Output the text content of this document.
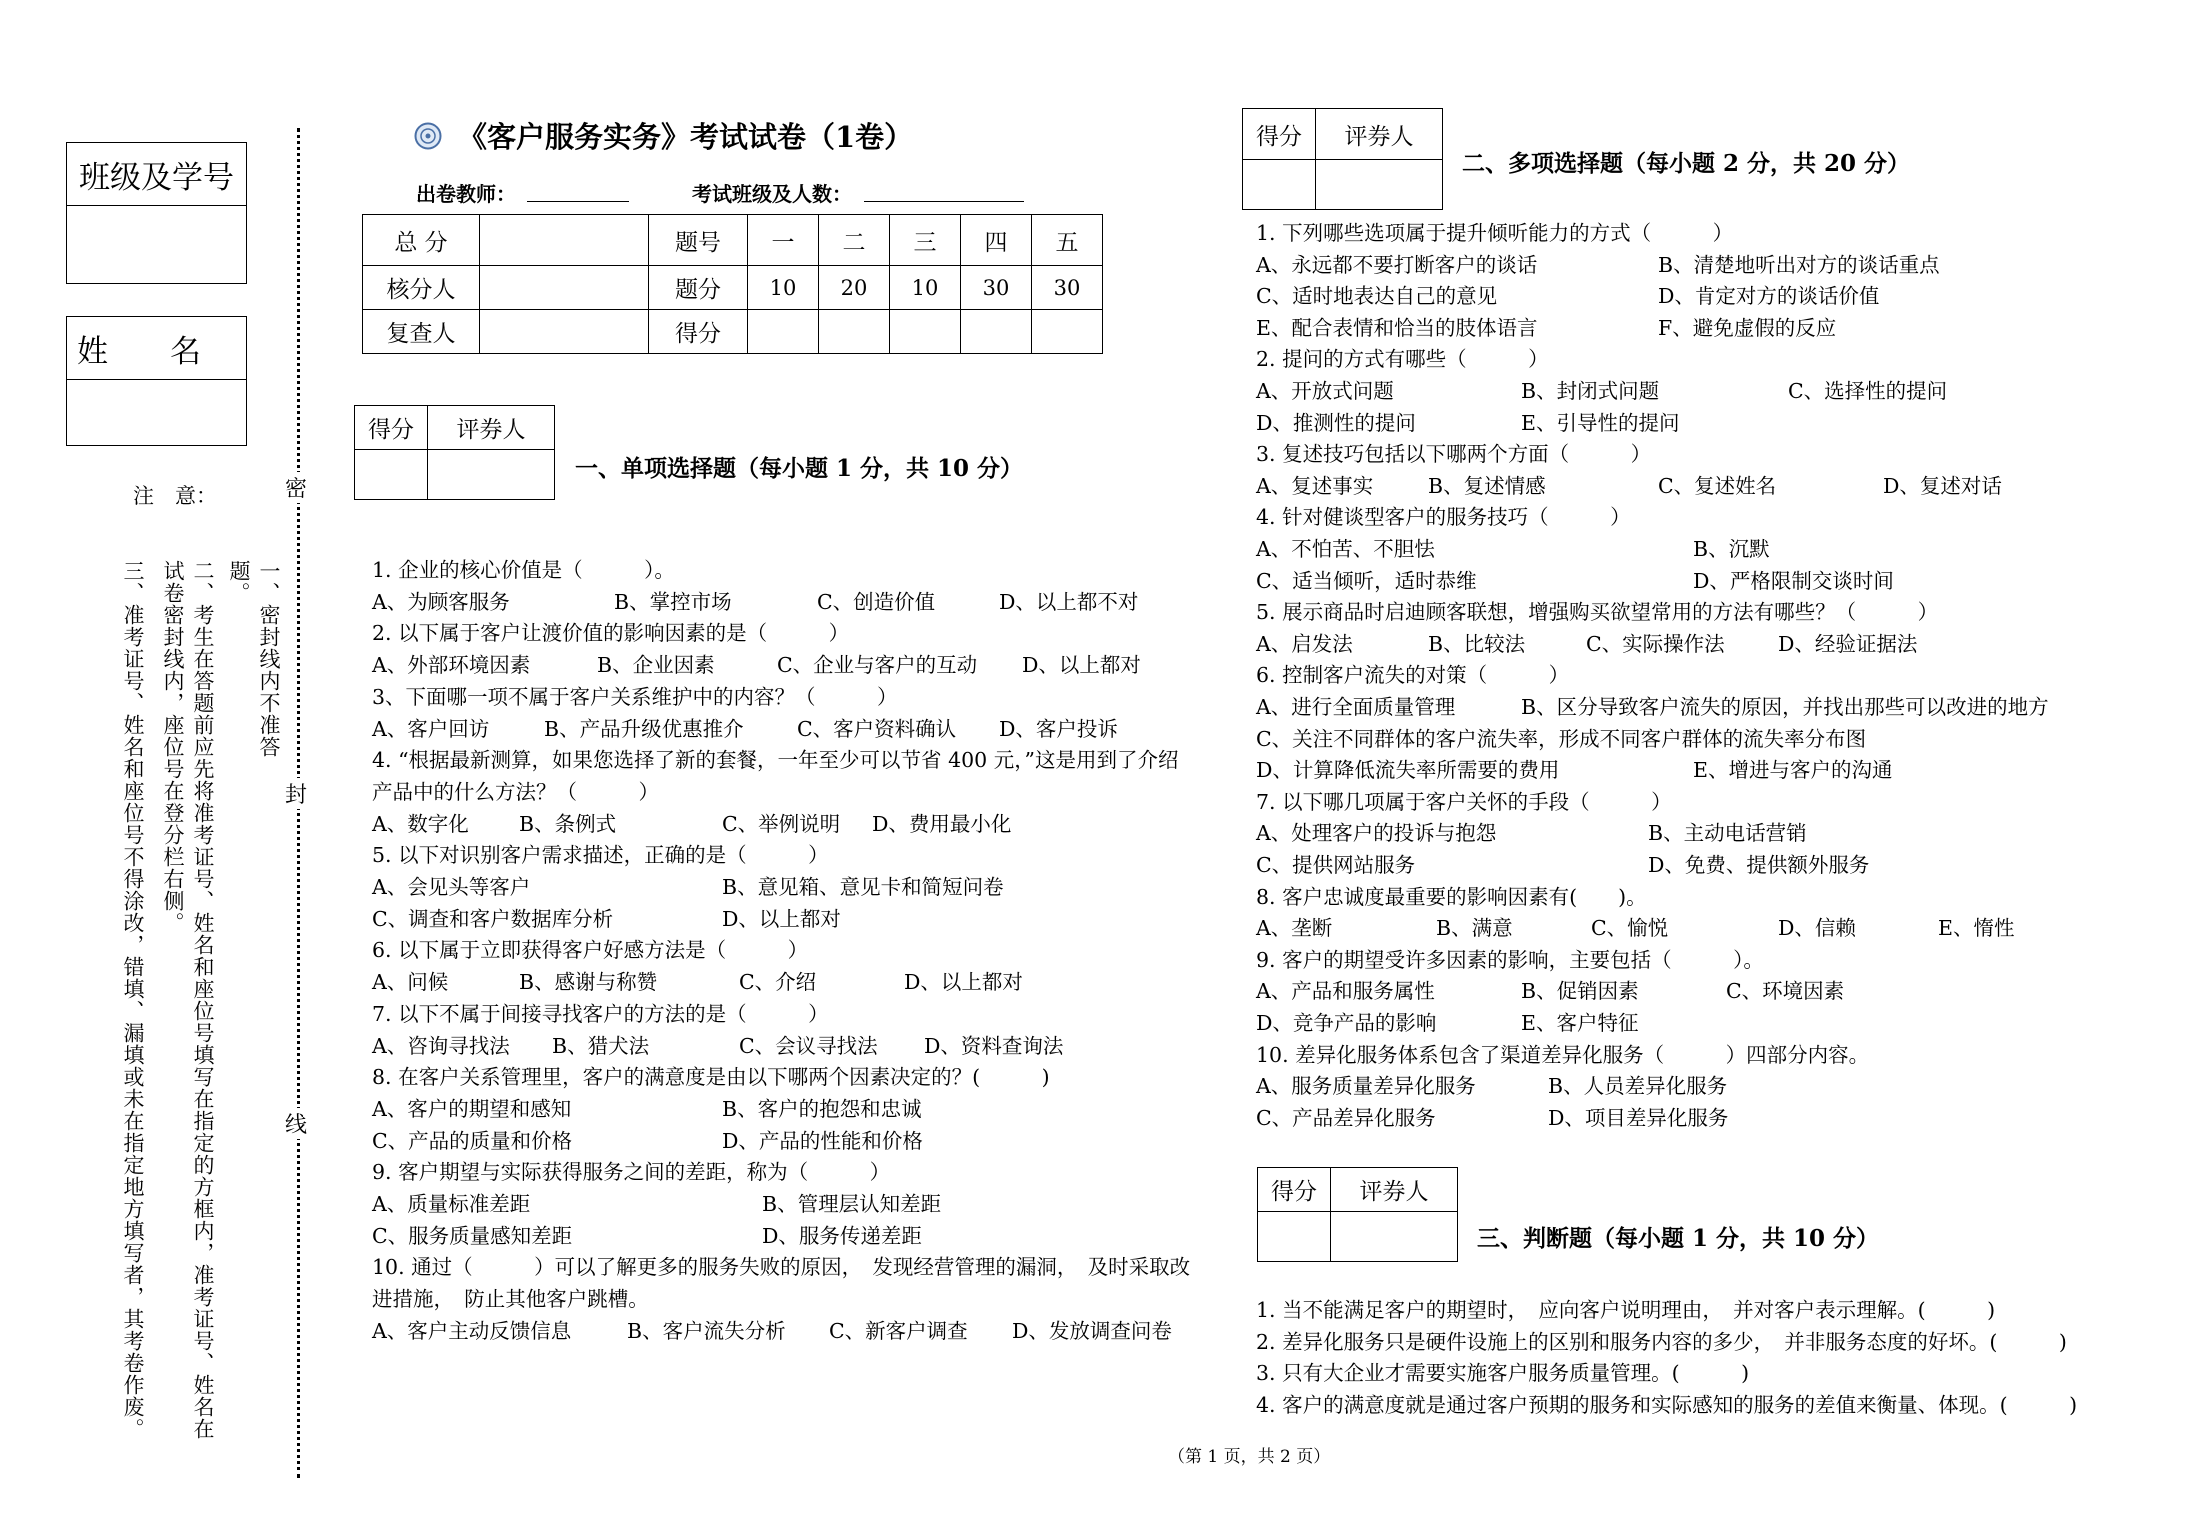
班级及学号
姓　　名
注　意：
一、密封线内不准答题。
二、考生在答题前应先将准考证号、姓名和座位号填写在指定的方框内，准考证号、姓名在试卷密封线内，座位号在登分栏右侧。
三、准考证号、姓名和座位号不得涂改，错填、漏填或未在指定地方填写者，其考卷作废。
密
封
线
《客户服务实务》考试试卷（1卷）
出卷教师：	考试班级及人数：
总 分		题号	一	二	三	四	五
核分人		题分	10	20	10	30	30
复查人		得分					
得分	评券人

一、单项选择题（每小题 1 分，共 10 分）
1. 企业的核心价值是（　　　）。
A、为顾客服务	B、掌控市场	C、创造价值	D、以上都不对
2. 以下属于客户让渡价值的影响因素的是（　　　）
A、外部环境因素	B、企业因素	C、企业与客户的互动 D、以上都对
3、下面哪一项不属于客户关系维护中的内容？（　　　）
A、客户回访	B、产品升级优惠推介	C、客户资料确认 D、客户投诉
4. “根据最新测算，如果您选择了新的套餐，一年至少可以节省 400 元，”这是用到了介绍
产品中的什么方法？（　　　）
A、数字化 B、条例式	C、举例说明 D、费用最小化
5. 以下对识别客户需求描述，正确的是（　　　）
A、会见头等客户	B、意见箱、意见卡和简短问卷
C、调查和客户数据库分析	D、以上都对
6. 以下属于立即获得客户好感方法是（　　　）
A、问候	B、感谢与称赞	C、介绍	D、以上都对
7. 以下不属于间接寻找客户的方法的是（　　　）
A、咨询寻找法 B、猎犬法	C、会议寻找法 D、资料查询法
8. 在客户关系管理里，客户的满意度是由以下哪两个因素决定的？(　　　)
A、客户的期望和感知	B、客户的抱怨和忠诚
C、产品的质量和价格	D、产品的性能和价格
9. 客户期望与实际获得服务之间的差距，称为（　　　）
A、质量标准差距	B、管理层认知差距
C、服务质量感知差距	D、服务传递差距
10. 通过（　　　）可以了解更多的服务失败的原因，　发现经营管理的漏洞，　及时采取改
进措施，　防止其他客户跳槽。
A、客户主动反馈信息	B、客户流失分析 C、新客户调查 D、发放调查问卷
得分	评券人

二、多项选择题（每小题 2 分，共 20 分）
1. 下列哪些选项属于提升倾听能力的方式（　　　）
A、永远都不要打断客户的谈话	B、清楚地听出对方的谈话重点
C、适时地表达自己的意见	D、肯定对方的谈话价值
E、配合表情和恰当的肢体语言	F、避免虚假的反应
2. 提问的方式有哪些（　　　）
A、开放式问题	B、封闭式问题	C、选择性的提问
D、推测性的提问	E、引导性的提问
3. 复述技巧包括以下哪两个方面（　　　）
A、复述事实	B、复述情感	C、复述姓名	D、复述对话
4. 针对健谈型客户的服务技巧（　　　）
A、不怕苦、不胆怯	B、沉默
C、适当倾听，适时恭维	D、严格限制交谈时间
5. 展示商品时启迪顾客联想，增强购买欲望常用的方法有哪些？（　　　）
A、启发法	B、比较法	C、实际操作法	D、经验证据法
6. 控制客户流失的对策（　　　）
A、进行全面质量管理	B、区分导致客户流失的原因，并找出那些可以改进的地方
C、关注不同群体的客户流失率，形成不同客户群体的流失率分布图
D、计算降低流失率所需要的费用	E、增进与客户的沟通
7. 以下哪几项属于客户关怀的手段（　　　）
A、处理客户的投诉与抱怨	B、主动电话营销
C、提供网站服务	D、免费、提供额外服务
8. 客户忠诚度最重要的影响因素有(　　)。
A、垄断	B、满意	C、愉悦	D、信赖	E、惰性
9. 客户的期望受许多因素的影响，主要包括（　　　）。
A、产品和服务属性	B、促销因素	C、环境因素
D、竞争产品的影响	E、客户特征
10. 差异化服务体系包含了渠道差异化服务（　　　）四部分内容。
A、服务质量差异化服务	B、人员差异化服务
C、产品差异化服务	D、项目差异化服务
得分	评券人

三、判断题（每小题 1 分，共 10 分）
1. 当不能满足客户的期望时，　应向客户说明理由，　并对客户表示理解。(　　　)
2. 差异化服务只是硬件设施上的区别和服务内容的多少，　并非服务态度的好坏。(　　　)
3. 只有大企业才需要实施客户服务质量管理。(　　　)
4. 客户的满意度就是通过客户预期的服务和实际感知的服务的差值来衡量、体现。(　　　)
（第 1 页，共 2 页）
